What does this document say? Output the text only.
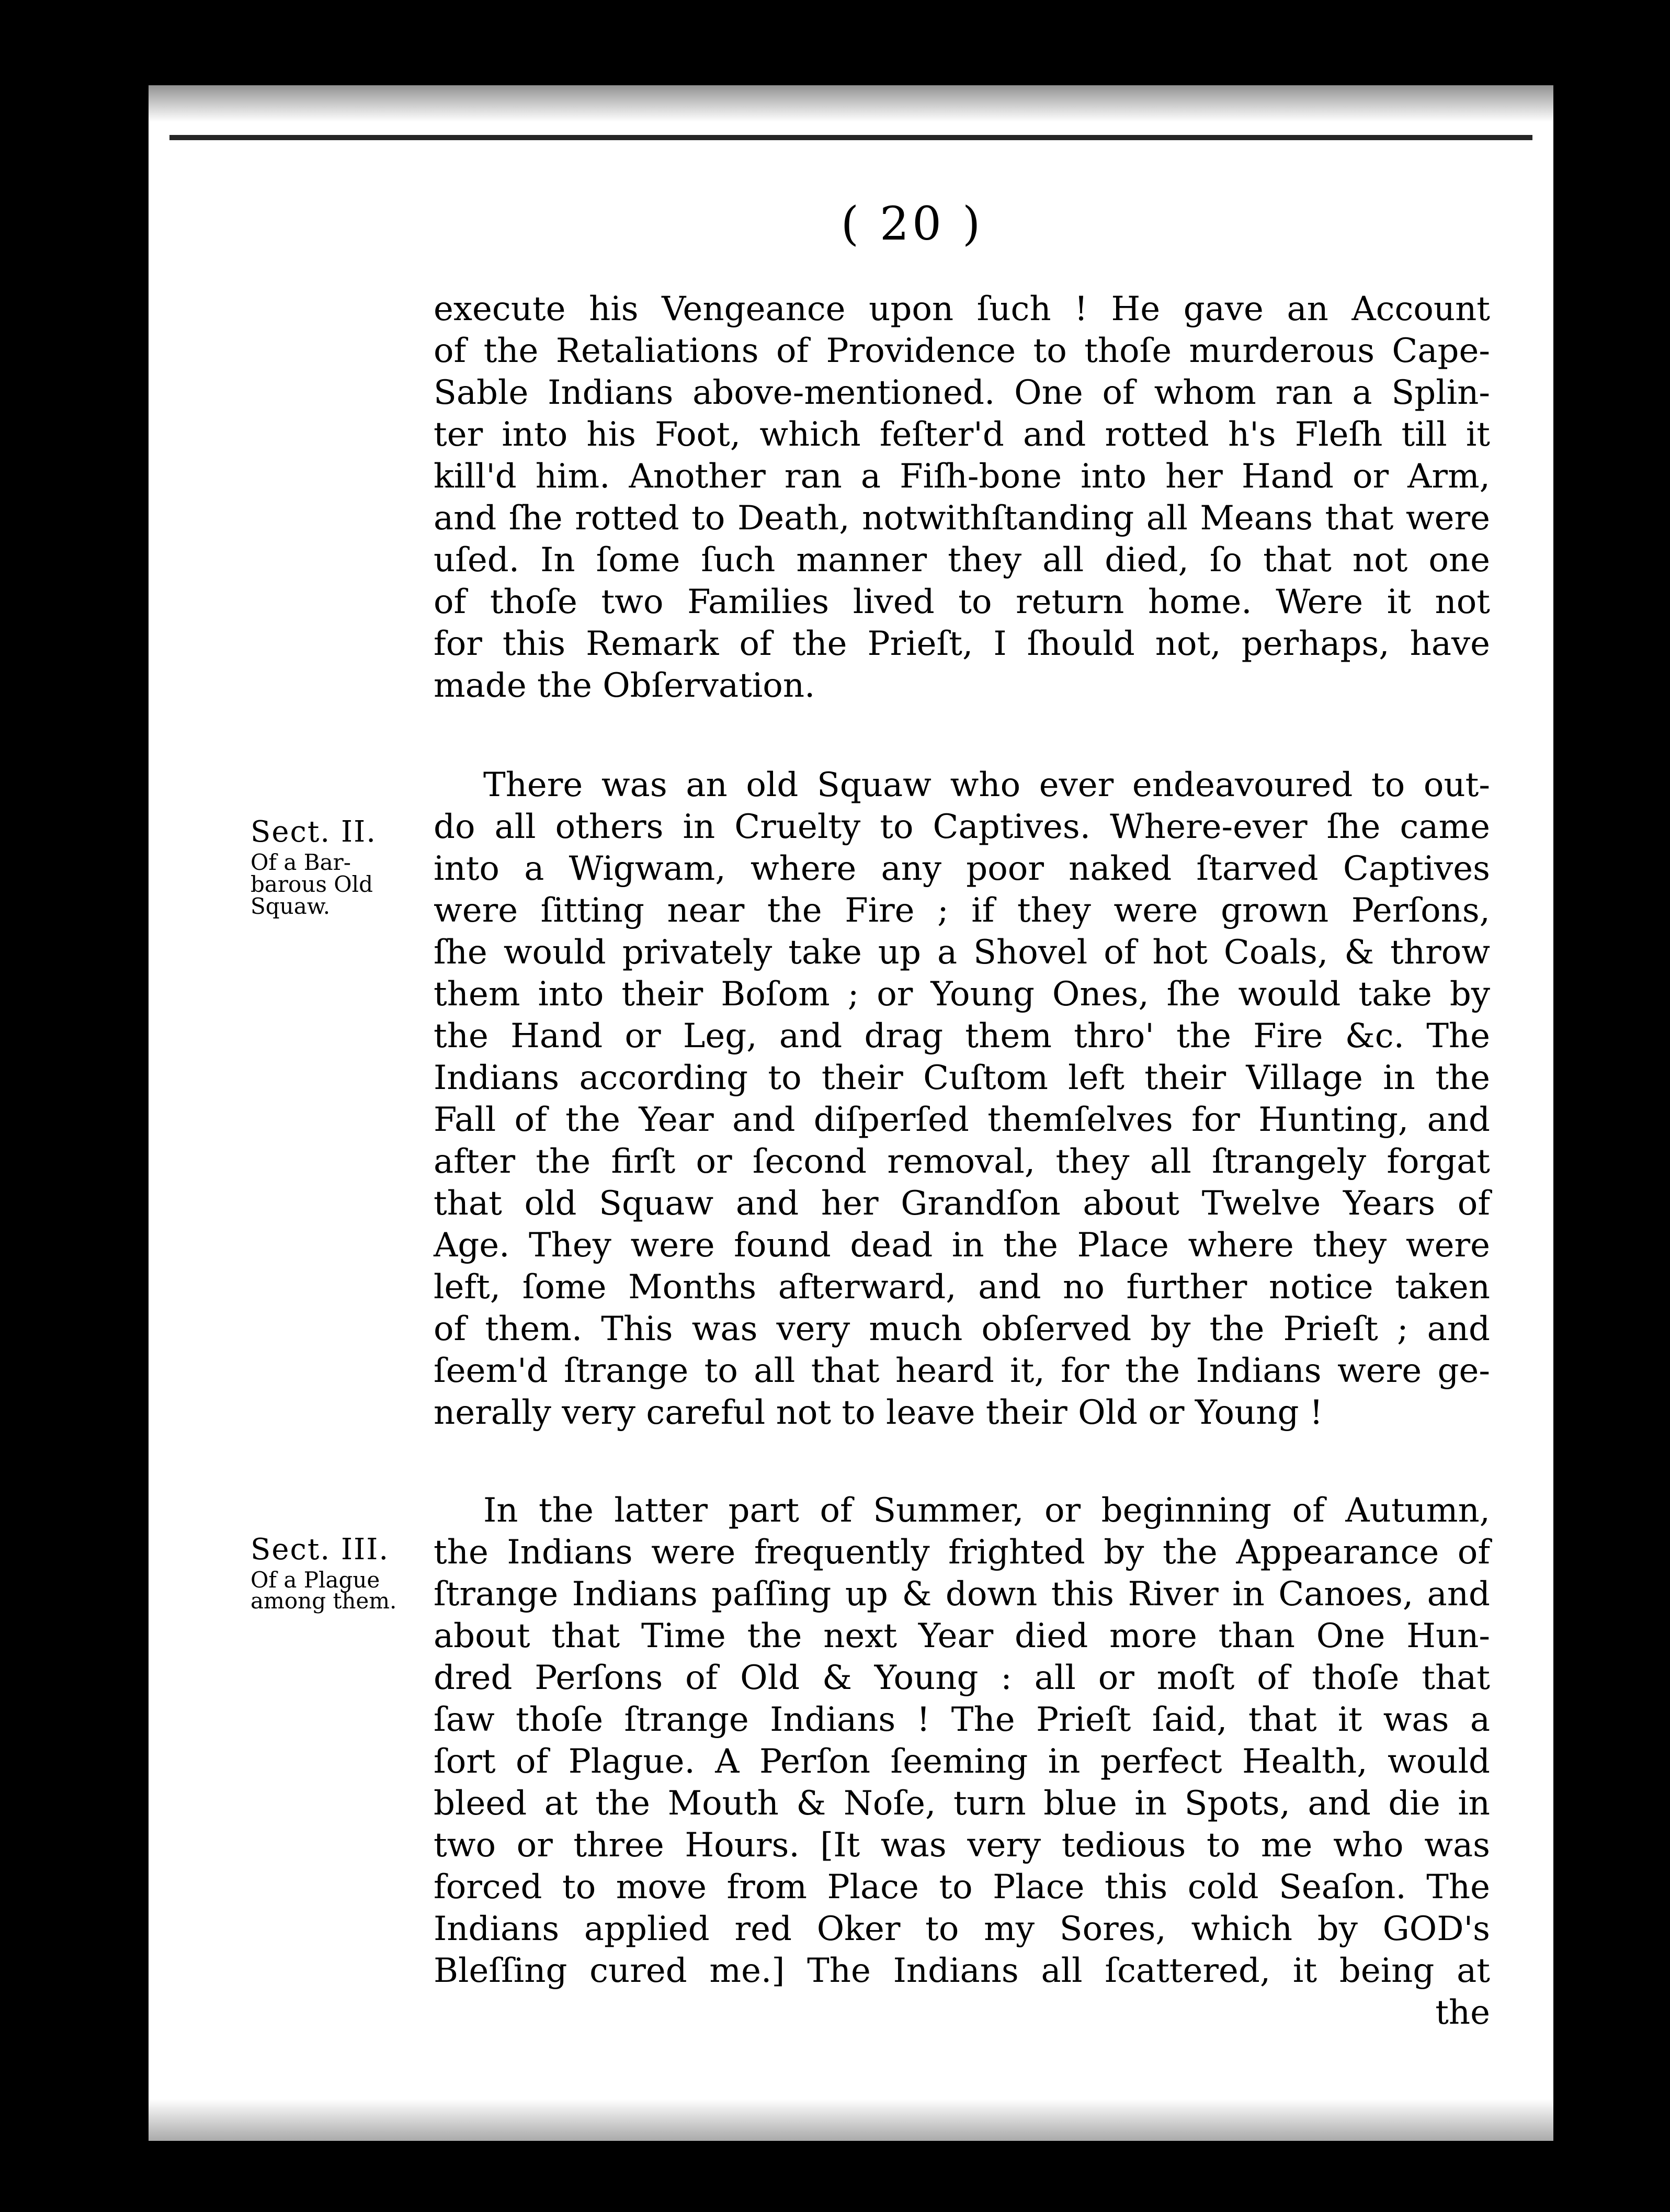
( 20 )
execute his Vengeance upon ſuch ! He gave an Account
of the Retaliations of Providence to thoſe murderous Cape-
Sable Indians above-mentioned. One of whom ran a Splin-
ter into his Foot, which feſter'd and rotted h's Fleſh till it
kill'd him. Another ran a Fiſh-bone into her Hand or Arm,
and ſhe rotted to Death, notwithſtanding all Means that were
uſed. In ſome ſuch manner they all died, ſo that not one
of thoſe two Families lived to return home. Were it not
for this Remark of the Prieſt, I ſhould not, perhaps, have
made the Obſervation.
Sect. II.
Of a Bar-
barous Old
Squaw.
There was an old Squaw who ever endeavoured to out-
do all others in Cruelty to Captives. Where-ever ſhe came
into a Wigwam, where any poor naked ſtarved Captives
were ſitting near the Fire ; if they were grown Perſons,
ſhe would privately take up a Shovel of hot Coals, & throw
them into their Boſom ; or Young Ones, ſhe would take by
the Hand or Leg, and drag them thro' the Fire &c. The
Indians according to their Cuſtom left their Village in the
Fall of the Year and diſperſed themſelves for Hunting, and
after the firſt or ſecond removal, they all ſtrangely forgat
that old Squaw and her Grandſon about Twelve Years of
Age. They were found dead in the Place where they were
left, ſome Months afterward, and no further notice taken
of them. This was very much obſerved by the Prieſt ; and
ſeem'd ſtrange to all that heard it, for the Indians were ge-
nerally very careful not to leave their Old or Young !
Sect. III.
Of a Plague
among them.
In the latter part of Summer, or beginning of Autumn,
the Indians were frequently frighted by the Appearance of
ſtrange Indians paſſing up & down this River in Canoes, and
about that Time the next Year died more than One Hun-
dred Perſons of Old & Young : all or moſt of thoſe that
ſaw thoſe ſtrange Indians ! The Prieſt ſaid, that it was a
ſort of Plague. A Perſon ſeeming in perfect Health, would
bleed at the Mouth & Noſe, turn blue in Spots, and die in
two or three Hours. [It was very tedious to me who was
forced to move from Place to Place this cold Seaſon. The
Indians applied red Oker to my Sores, which by GOD's
Bleſſing cured me.] The Indians all ſcattered, it being at
the
